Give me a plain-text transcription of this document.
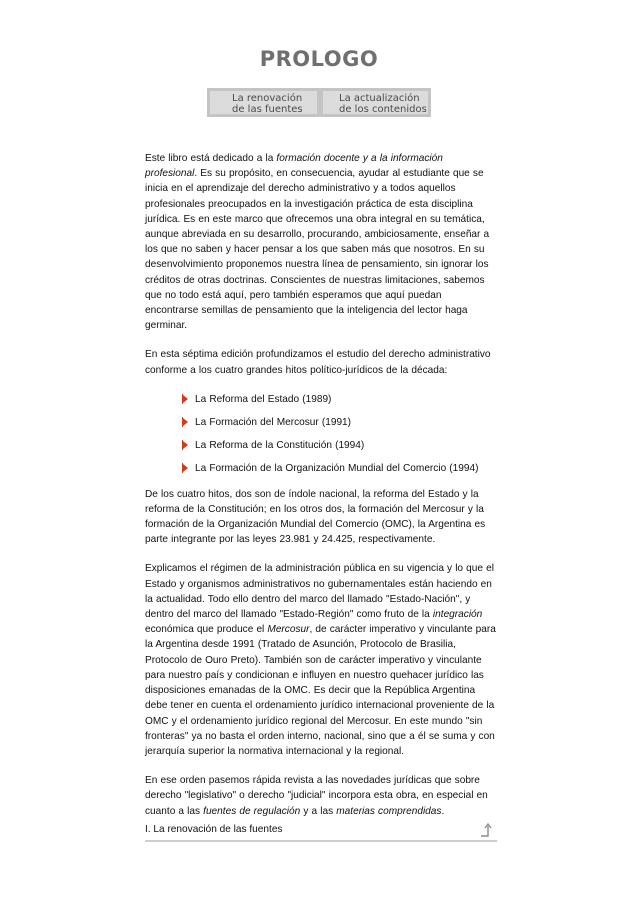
PROLOGO
La renovación
de las fuentes
La actualización
de los contenidos

Este libro está dedicado a la formación docente y a la información profesional. Es su propósito, en consecuencia, ayudar al estudiante que se inicia en el aprendizaje del derecho administrativo y a todos aquellos profesionales preocupados en la investigación práctica de esta disciplina jurídica. Es en este marco que ofrecemos una obra integral en su temática, aunque abreviada en su desarrollo, procurando, ambiciosamente, enseñar a los que no saben y hacer pensar a los que saben más que nosotros. En su desenvolvimiento proponemos nuestra línea de pensamiento, sin ignorar los créditos de otras doctrinas. Conscientes de nuestras limitaciones, sabemos que no todo está aquí, pero también esperamos que aquí puedan encontrarse semillas de pensamiento que la inteligencia del lector haga germinar.

En esta séptima edición profundizamos el estudio del derecho administrativo conforme a los cuatro grandes hitos político-jurídicos de la década:

La Reforma del Estado (1989)
La Formación del Mercosur (1991)
La Reforma de la Constitución (1994)
La Formación de la Organización Mundial del Comercio (1994)

De los cuatro hitos, dos son de índole nacional, la reforma del Estado y la reforma de la Constitución; en los otros dos, la formación del Mercosur y la formación de la Organización Mundial del Comercio (OMC), la Argentina es parte integrante por las leyes 23.981 y 24.425, respectivamente.

Explicamos el régimen de la administración pública en su vigencia y lo que el Estado y organismos administrativos no gubernamentales están haciendo en la actualidad. Todo ello dentro del marco del llamado "Estado-Nación", y dentro del marco del llamado "Estado-Región" como fruto de la integración económica que produce el Mercosur, de carácter imperativo y vinculante para la Argentina desde 1991 (Tratado de Asunción, Protocolo de Brasilia, Protocolo de Ouro Preto). También son de carácter imperativo y vinculante para nuestro país y condicionan e influyen en nuestro quehacer jurídico las disposiciones emanadas de la OMC. Es decir que la República Argentina debe tener en cuenta el ordenamiento jurídico internacional proveniente de la OMC y el ordenamiento jurídico regional del Mercosur. En este mundo "sin fronteras" ya no basta el orden interno, nacional, sino que a él se suma y con jerarquía superior la normativa internacional y la regional.

En ese orden pasemos rápida revista a las novedades jurídicas que sobre derecho "legislativo" o derecho "judicial" incorpora esta obra, en especial en cuanto a las fuentes de regulación y a las materias comprendidas.

I. La renovación de las fuentes
